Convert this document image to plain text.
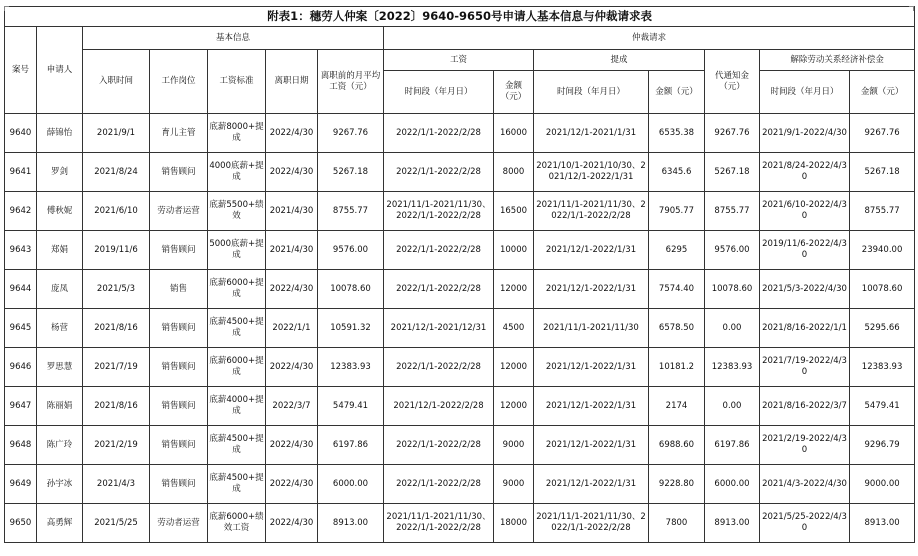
附表1：穗劳人仲案〔2022〕9640-9650号申请人基本信息与仲裁请求表													
案号	申请人	基本信息					仲裁请求						
		入职时间	工作岗位	工资标准	离职日期	离职前的月平均工资（元）	工资		提成		代通知金（元）	解除劳动关系经济补偿金	
							时间段（年月日）	金额（元）	时间段（年月日）	金额（元）		时间段（年月日）	金额（元）
9640	薛锦怡	2021/9/1	育儿主管	底薪8000+提成	2022/4/30	9267.76	2022/1/1-2022/2/28	16000	2021/12/1-2021/1/31	6535.38	9267.76	2021/9/1-2022/4/30	9267.76
9641	罗剑	2021/8/24	销售顾问	4000底薪+提成	2022/4/30	5267.18	2022/1/1-2022/2/28	8000	2021/10/1-2021/10/30、2021/12/1-2022/1/31	6345.6	5267.18	2021/8/24-2022/4/30	5267.18
9642	傅秋妮	2021/6/10	劳动者运营	底薪5500+绩效	2021/4/30	8755.77	2021/11/1-2021/11/30、2022/1/1-2022/2/28	16500	2021/11/1-2021/11/30、2022/1/1-2022/2/28	7905.77	8755.77	2021/6/10-2022/4/30	8755.77
9643	郑娟	2019/11/6	销售顾问	5000底薪+提成	2021/4/30	9576.00	2022/1/1-2022/2/28	10000	2021/12/1-2022/1/31	6295	9576.00	2019/11/6-2022/4/30	23940.00
9644	庞凤	2021/5/3	销售	底薪6000+提成	2022/4/30	10078.60	2022/1/1-2022/2/28	12000	2021/12/1-2022/1/31	7574.40	10078.60	2021/5/3-2022/4/30	10078.60
9645	杨营	2021/8/16	销售顾问	底薪4500+提成	2022/1/1	10591.32	2021/12/1-2021/12/31	4500	2021/11/1-2021/11/30	6578.50	0.00	2021/8/16-2022/1/1	5295.66
9646	罗思慧	2021/7/19	销售顾问	底薪6000+提成	2022/4/30	12383.93	2022/1/1-2022/2/28	12000	2021/12/1-2022/1/31	10181.2	12383.93	2021/7/19-2022/4/30	12383.93
9647	陈丽娟	2021/8/16	销售顾问	底薪4000+提成	2022/3/7	5479.41	2021/12/1-2022/2/28	12000	2021/12/1-2022/1/31	2174	0.00	2021/8/16-2022/3/7	5479.41
9648	陈广玲	2021/2/19	销售顾问	底薪4500+提成	2022/4/30	6197.86	2022/1/1-2022/2/28	9000	2021/12/1-2022/1/31	6988.60	6197.86	2021/2/19-2022/4/30	9296.79
9649	孙宇冰	2021/4/3	销售顾问	底薪4500+提成	2022/4/30	6000.00	2022/1/1-2022/2/28	9000	2021/12/1-2022/1/31	9228.80	6000.00	2021/4/3-2022/4/30	9000.00
9650	高勇辉	2021/5/25	劳动者运营	底薪6000+绩效工资	2022/4/30	8913.00	2021/11/1-2021/11/30、2022/1/1-2022/2/28	18000	2021/11/1-2021/11/30、2022/1/1-2022/2/28	7800	8913.00	2021/5/25-2022/4/30	8913.00
